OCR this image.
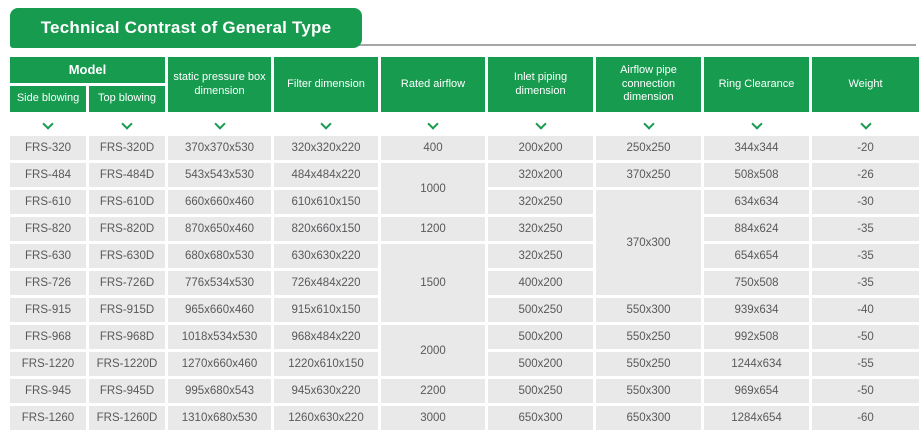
Technical Contrast of General Type
Model		static pressure box dimension	Filter dimension	Rated airflow	Inlet piping dimension	Airflow pipe connection dimension	Ring Clearance	Weight
Side blowing	Top blowing							

FRS-320	FRS-320D	370x370x530	320x320x220	400	200x200	250x250	344x344	-20
FRS-484	FRS-484D	543x543x530	484x484x220	1000	320x200	370x250	508x508	-26
FRS-610	FRS-610D	660x660x460	610x610x150		320x250	370x300	634x634	-30
FRS-820	FRS-820D	870x650x460	820x660x150	1200	320x250		884x624	-35
FRS-630	FRS-630D	680x680x530	630x630x220	1500	320x250		654x654	-35
FRS-726	FRS-726D	776x534x530	726x484x220		400x200		750x508	-35
FRS-915	FRS-915D	965x660x460	915x610x150		500x250	550x300	939x634	-40
FRS-968	FRS-968D	1018x534x530	968x484x220	2000	500x200	550x250	992x508	-50
FRS-1220	FRS-1220D	1270x660x460	1220x610x150		500x200	550x250	1244x634	-55
FRS-945	FRS-945D	995x680x543	945x630x220	2200	500x250	550x300	969x654	-50
FRS-1260	FRS-1260D	1310x680x530	1260x630x220	3000	650x300	650x300	1284x654	-60
